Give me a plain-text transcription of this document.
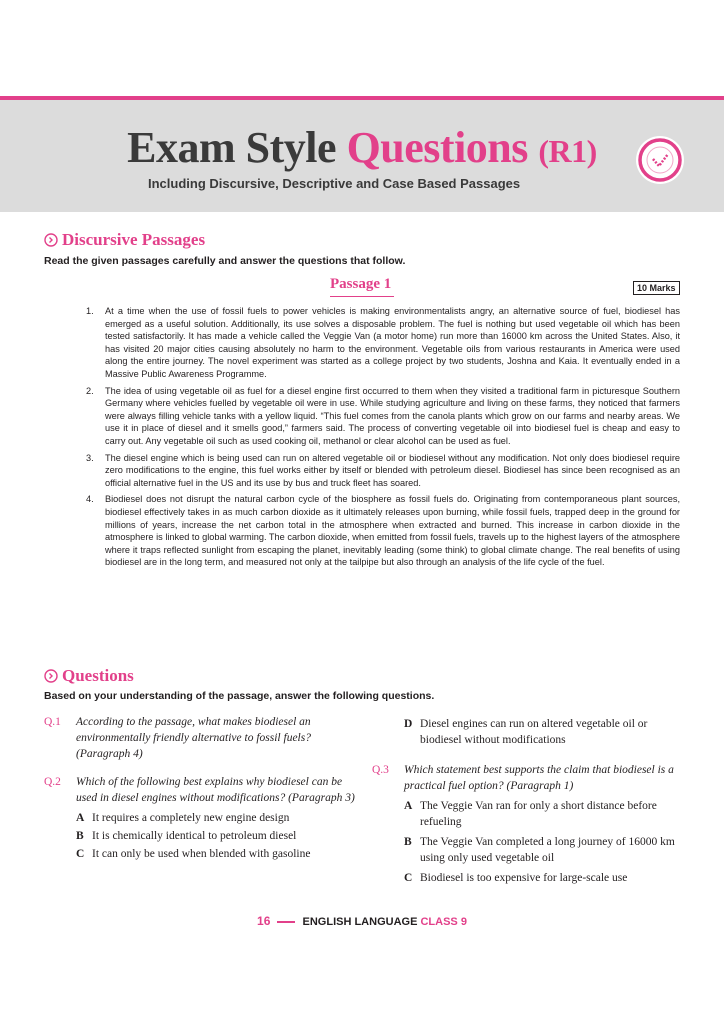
Exam Style Questions (R1)
Including Discursive, Descriptive and Case Based Passages
Discursive Passages
Read the given passages carefully and answer the questions that follow.
Passage 1	10 Marks
1. At a time when the use of fossil fuels to power vehicles is making environmentalists angry, an alternative source of fuel, biodiesel has emerged as a useful solution. Additionally, its use solves a disposable problem. The fuel is nothing but used vegetable oil which has been tested satisfactorily. It has made a vehicle called the Veggie Van (a motor home) run more than 16000 km across the United States. Also, it has visited 20 major cities causing absolutely no harm to the environment. Vegetable oils from various restaurants in America were used along the entire journey. The novel experiment was started as a college project by two students, Joshna and Kaia. It eventually ended in a Massive Public Awareness Programme.
2. The idea of using vegetable oil as fuel for a diesel engine first occurred to them when they visited a traditional farm in picturesque Southern Germany where vehicles fuelled by vegetable oil were in use. While studying agriculture and living on these farms, they noticed that farmers were always filling vehicle tanks with a yellow liquid. “This fuel comes from the canola plants which grow on our farms and nearby areas. We use it in place of diesel and it smells good,” farmers said. The process of converting vegetable oil into biodiesel fuel is cheap and easy to carry out. Any vegetable oil such as used cooking oil, methanol or clear alcohol can be used as fuel.
3. The diesel engine which is being used can run on altered vegetable oil or biodiesel without any modification. Not only does biodiesel require zero modifications to the engine, this fuel works either by itself or blended with petroleum diesel. Biodiesel has since been recognised as an official alternative fuel in the US and its use by bus and truck fleet has soared.
4. Biodiesel does not disrupt the natural carbon cycle of the biosphere as fossil fuels do. Originating from contemporaneous plant sources, biodiesel effectively takes in as much carbon dioxide as it ultimately releases upon burning, while fossil fuels, trapped deep in the ground for millions of years, increase the net carbon total in the atmosphere when extracted and burned. This increase in carbon dioxide in the atmosphere is linked to global warming. The carbon dioxide, when emitted from fossil fuels, travels up to the highest layers of the atmosphere where it traps reflected sunlight from escaping the planet, inevitably leading (some think) to global climate change. The real benefits of using biodiesel are in the long term, and measured not only at the tailpipe but also through an analysis of the life cycle of the fuel.
Questions
Based on your understanding of the passage, answer the following questions.
Q.1 According to the passage, what makes biodiesel an environmentally friendly alternative to fossil fuels? (Paragraph 4)
Q.2 Which of the following best explains why biodiesel can be used in diesel engines without modifications? (Paragraph 3)
A It requires a completely new engine design
B It is chemically identical to petroleum diesel
C It can only be used when blended with gasoline
D Diesel engines can run on altered vegetable oil or biodiesel without modifications
Q.3 Which statement best supports the claim that biodiesel is a practical fuel option? (Paragraph 1)
A The Veggie Van ran for only a short distance before refueling
B The Veggie Van completed a long journey of 16000 km using only used vegetable oil
C Biodiesel is too expensive for large-scale use
16	ENGLISH LANGUAGE CLASS 9
